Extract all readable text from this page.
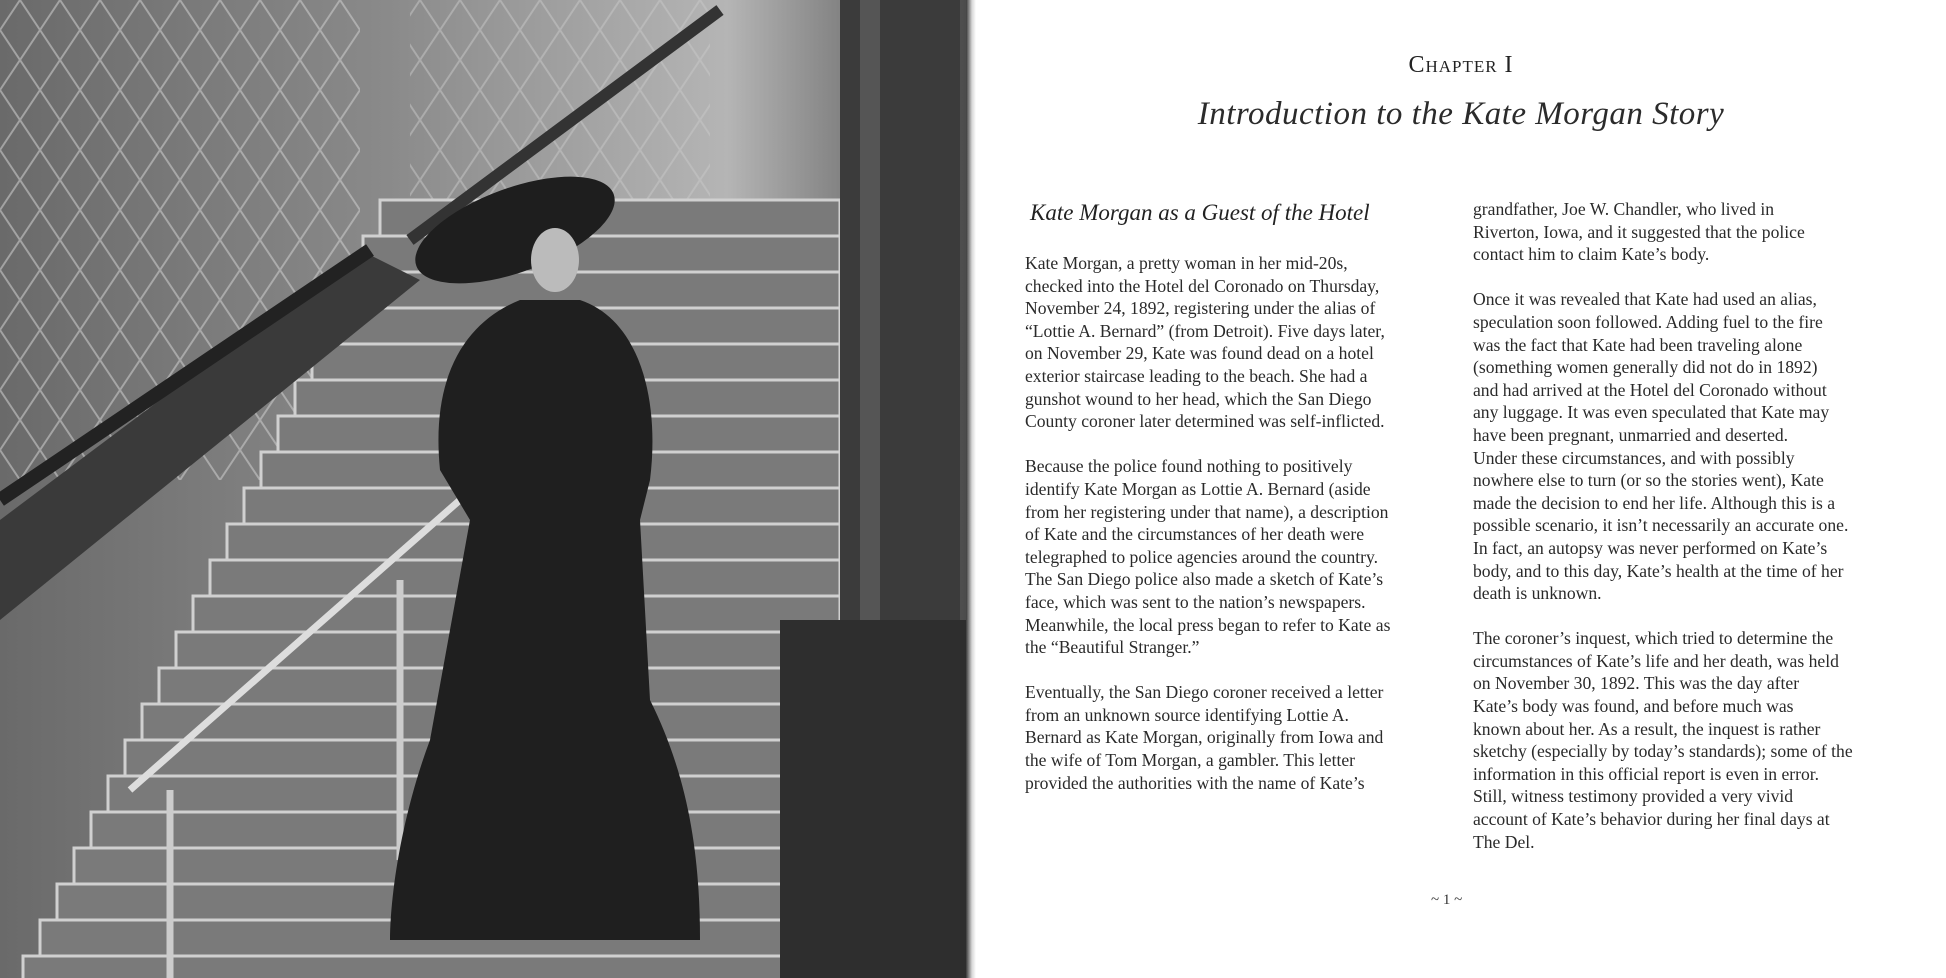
Chapter I
Introduction to the Kate Morgan Story
Kate Morgan as a Guest of the Hotel

Kate Morgan, a pretty woman in her mid-20s,
checked into the Hotel del Coronado on Thursday,
November 24, 1892, registering under the alias of
“Lottie A. Bernard” (from Detroit). Five days later,
on November 29, Kate was found dead on a hotel
exterior staircase leading to the beach. She had a
gunshot wound to her head, which the San Diego
County coroner later determined was self-inflicted.

Because the police found nothing to positively
identify Kate Morgan as Lottie A. Bernard (aside
from her registering under that name), a description
of Kate and the circumstances of her death were
telegraphed to police agencies around the country.
The San Diego police also made a sketch of Kate’s
face, which was sent to the nation’s newspapers.
Meanwhile, the local press began to refer to Kate as
the “Beautiful Stranger.”

Eventually, the San Diego coroner received a letter
from an unknown source identifying Lottie A.
Bernard as Kate Morgan, originally from Iowa and
the wife of Tom Morgan, a gambler. This letter
provided the authorities with the name of Kate’s

grandfather, Joe W. Chandler, who lived in
Riverton, Iowa, and it suggested that the police
contact him to claim Kate’s body.

Once it was revealed that Kate had used an alias,
speculation soon followed. Adding fuel to the fire
was the fact that Kate had been traveling alone
(something women generally did not do in 1892)
and had arrived at the Hotel del Coronado without
any luggage. It was even speculated that Kate may
have been pregnant, unmarried and deserted.
Under these circumstances, and with possibly
nowhere else to turn (or so the stories went), Kate
made the decision to end her life. Although this is a
possible scenario, it isn’t necessarily an accurate one.
In fact, an autopsy was never performed on Kate’s
body, and to this day, Kate’s health at the time of her
death is unknown.

The coroner’s inquest, which tried to determine the
circumstances of Kate’s life and her death, was held
on November 30, 1892. This was the day after
Kate’s body was found, and before much was
known about her. As a result, the inquest is rather
sketchy (especially by today’s standards); some of the
information in this official report is even in error.
Still, witness testimony provided a very vivid
account of Kate’s behavior during her final days at
The Del.

~ 1 ~
